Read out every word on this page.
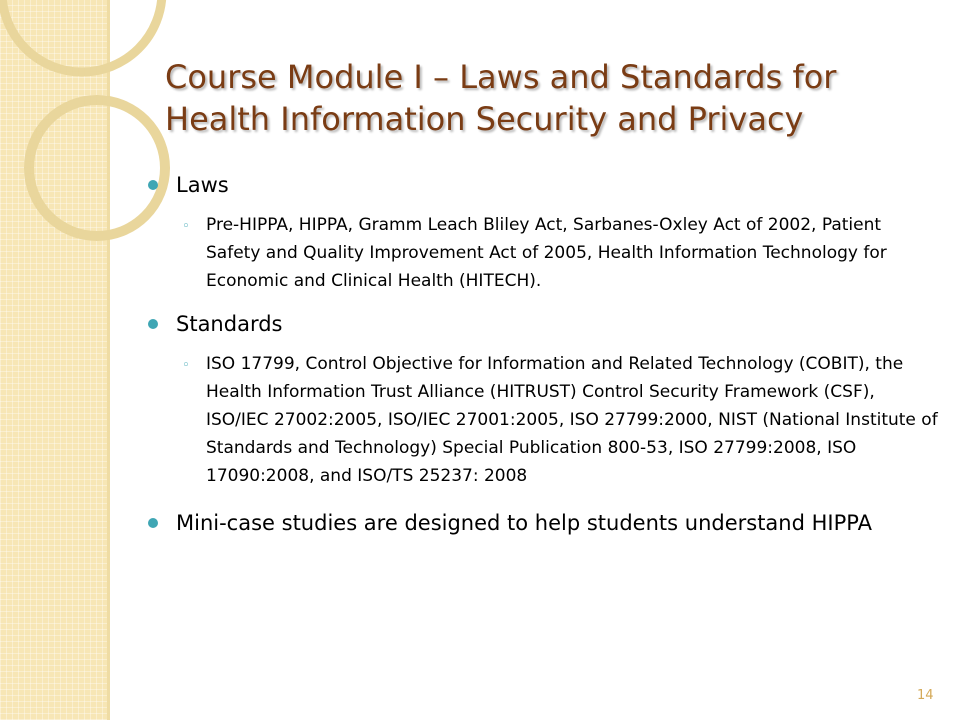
Course Module I – Laws and Standards for
Health Information Security and Privacy
Laws
◦ Pre-HIPPA, HIPPA, Gramm Leach Bliley Act, Sarbanes-Oxley Act of 2002, Patient Safety and Quality Improvement Act of 2005, Health Information Technology for Economic and Clinical Health (HITECH).
Standards
◦ ISO 17799, Control Objective for Information and Related Technology (COBIT), the Health Information Trust Alliance (HITRUST) Control Security Framework (CSF), ISO/IEC 27002:2005, ISO/IEC 27001:2005, ISO 27799:2000, NIST (National Institute of Standards and Technology) Special Publication 800-53, ISO 27799:2008, ISO 17090:2008, and ISO/TS 25237: 2008
Mini-case studies are designed to help students understand HIPPA
14
